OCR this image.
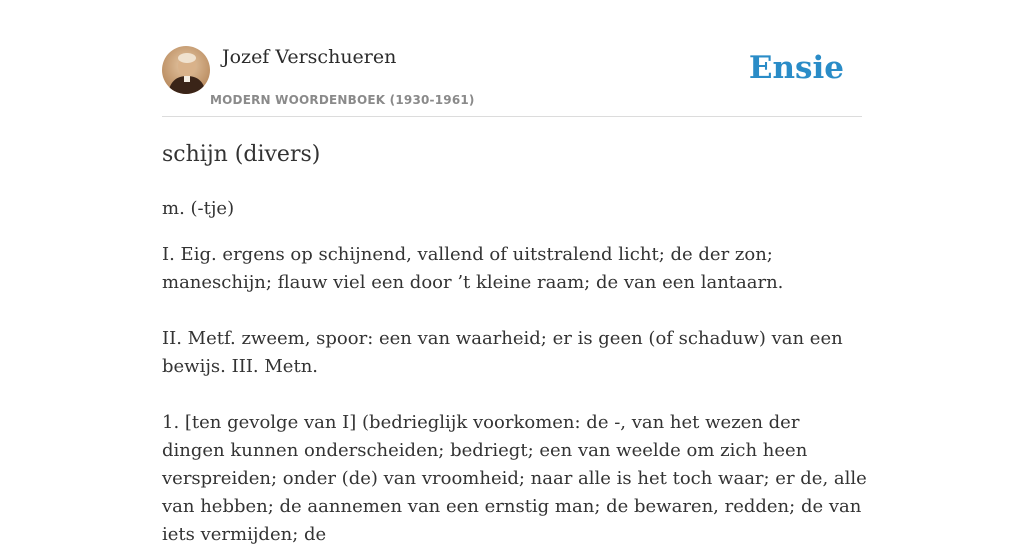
Jozef Verschueren
MODERN WOORDENBOEK (1930-1961)
Ensie
schijn (divers)
m. (-tje)
I. Eig. ergens op schijnend, vallend of uitstralend licht; de der zon; maneschijn; flauw viel een door ’t kleine raam; de van een lantaarn.
II. Metf. zweem, spoor: een van waarheid; er is geen (of schaduw) van een bewijs. III. Metn.
1. [ten gevolge van I] (bedrieglijk voorkomen: de -, van het wezen der dingen kunnen onderscheiden; bedriegt; een van weelde om zich heen verspreiden; onder (de) van vroomheid; naar alle is het toch waar; er de, alle van hebben; de aannemen van een ernstig man; de bewaren, redden; de van iets vermijden; de
